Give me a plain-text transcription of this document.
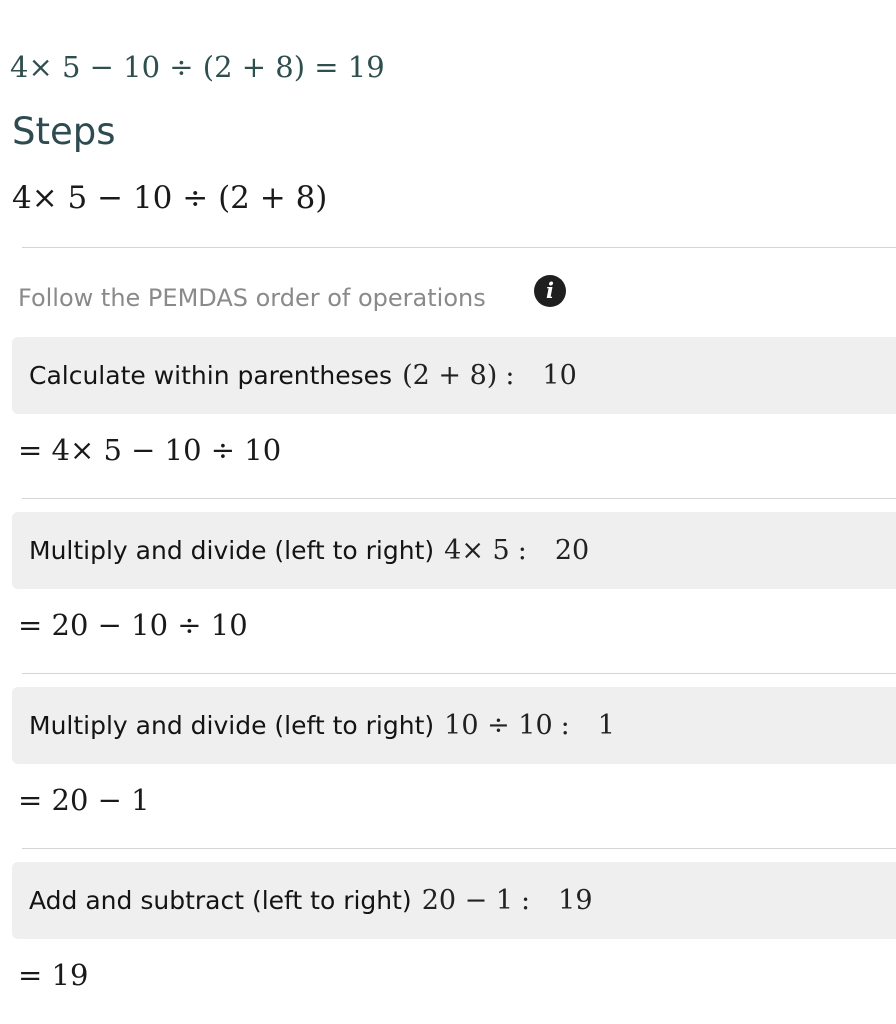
4× 5 − 10 ÷ (2 + 8) = 19
Steps
4× 5 − 10 ÷ (2 + 8)
Follow the PEMDAS order of operations	i
Calculate within parentheses (2 + 8) : 10
= 4× 5 − 10 ÷ 10
Multiply and divide (left to right) 4× 5 : 20
= 20 − 10 ÷ 10
Multiply and divide (left to right) 10 ÷ 10 : 1
= 20 − 1
Add and subtract (left to right) 20 − 1 : 19
= 19
